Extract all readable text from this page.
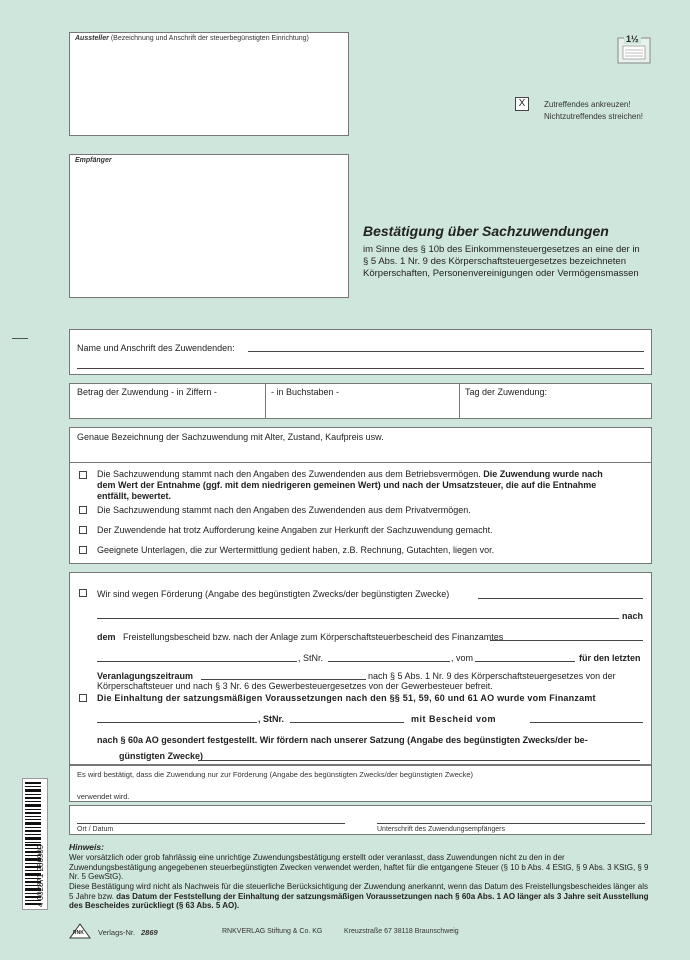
Aussteller (Bezeichnung und Anschrift der steuerbegünstigten Einrichtung)
Empfänger
1½
X	Zutreffendes ankreuzen!
Nichtzutreffendes streichen!
Bestätigung über Sachzuwendungen
im Sinne des § 10b des Einkommensteuergesetzes an eine der in
§ 5 Abs. 1 Nr. 9 des Körperschaftsteuergesetzes bezeichneten
Körperschaften, Personenvereinigungen oder Vermögensmassen
Name und Anschrift des Zuwendenden:
Betrag der Zuwendung - in Ziffern -	- in Buchstaben -	Tag der Zuwendung:
Genaue Bezeichnung der Sachzuwendung mit Alter, Zustand, Kaufpreis usw.
Die Sachzuwendung stammt nach den Angaben des Zuwendenden aus dem Betriebsvermögen. Die Zuwendung wurde nach
dem Wert der Entnahme (ggf. mit dem niedrigeren gemeinen Wert) und nach der Umsatzsteuer, die auf die Entnahme
entfällt, bewertet.
Die Sachzuwendung stammt nach den Angaben des Zuwendenden aus dem Privatvermögen.
Der Zuwendende hat trotz Aufforderung keine Angaben zur Herkunft der Sachzuwendung gemacht.
Geeignete Unterlagen, die zur Wertermittlung gedient haben, z.B. Rechnung, Gutachten, liegen vor.
Wir sind wegen Förderung (Angabe des begünstigten Zwecks/der begünstigten Zwecke)
nach
dem Freistellungsbescheid bzw. nach der Anlage zum Körperschaftsteuerbescheid des Finanzamtes
, StNr.	, vom	für den letzten
Veranlagungszeitraum	nach § 5 Abs. 1 Nr. 9 des Körperschaftsteuergesetzes von der
Körperschaftsteuer und nach § 3 Nr. 6 des Gewerbesteuergesetzes von der Gewerbesteuer befreit.
Die Einhaltung der satzungsmäßigen Voraussetzungen nach den §§ 51, 59, 60 und 61 AO wurde vom Finanzamt
, StNr.	mit Bescheid vom
nach § 60a AO gesondert festgestellt. Wir fördern nach unserer Satzung (Angabe des begünstigten Zwecks/der be-
günstigten Zwecke)
Es wird bestätigt, dass die Zuwendung nur zur Förderung (Angabe des begünstigten Zwecks/der begünstigten Zwecke)
verwendet wird.
Ort / Datum	Unterschrift des Zuwendungsempfängers
Hinweis:
Wer vorsätzlich oder grob fahrlässig eine unrichtige Zuwendungsbestätigung erstellt oder veranlasst, dass Zuwendungen nicht zu den in der Zuwendungsbestätigung angegebenen steuerbegünstigten Zwecken verwendet werden, haftet für die entgangene Steuer (§ 10 b Abs. 4 EStG, § 9 Abs. 3 KStG, § 9 Nr. 5 GewStG).
Diese Bestätigung wird nicht als Nachweis für die steuerliche Berücksichtigung der Zuwendung anerkannt, wenn das Datum des Freistellungsbescheides länger als 5 Jahre bzw. das Datum der Feststellung der Einhaltung der satzungsmäßigen Voraussetzungen nach § 60a Abs. 1 AO länger als 3 Jahre seit Ausstellung des Bescheides zurückliegt (§ 63 Abs. 5 AO).
4 002871 286909
RNK Verlags-Nr. 2869	RNKVERLAG Stiftung & Co. KG	Kreuzstraße 67 38118 Braunschweig
